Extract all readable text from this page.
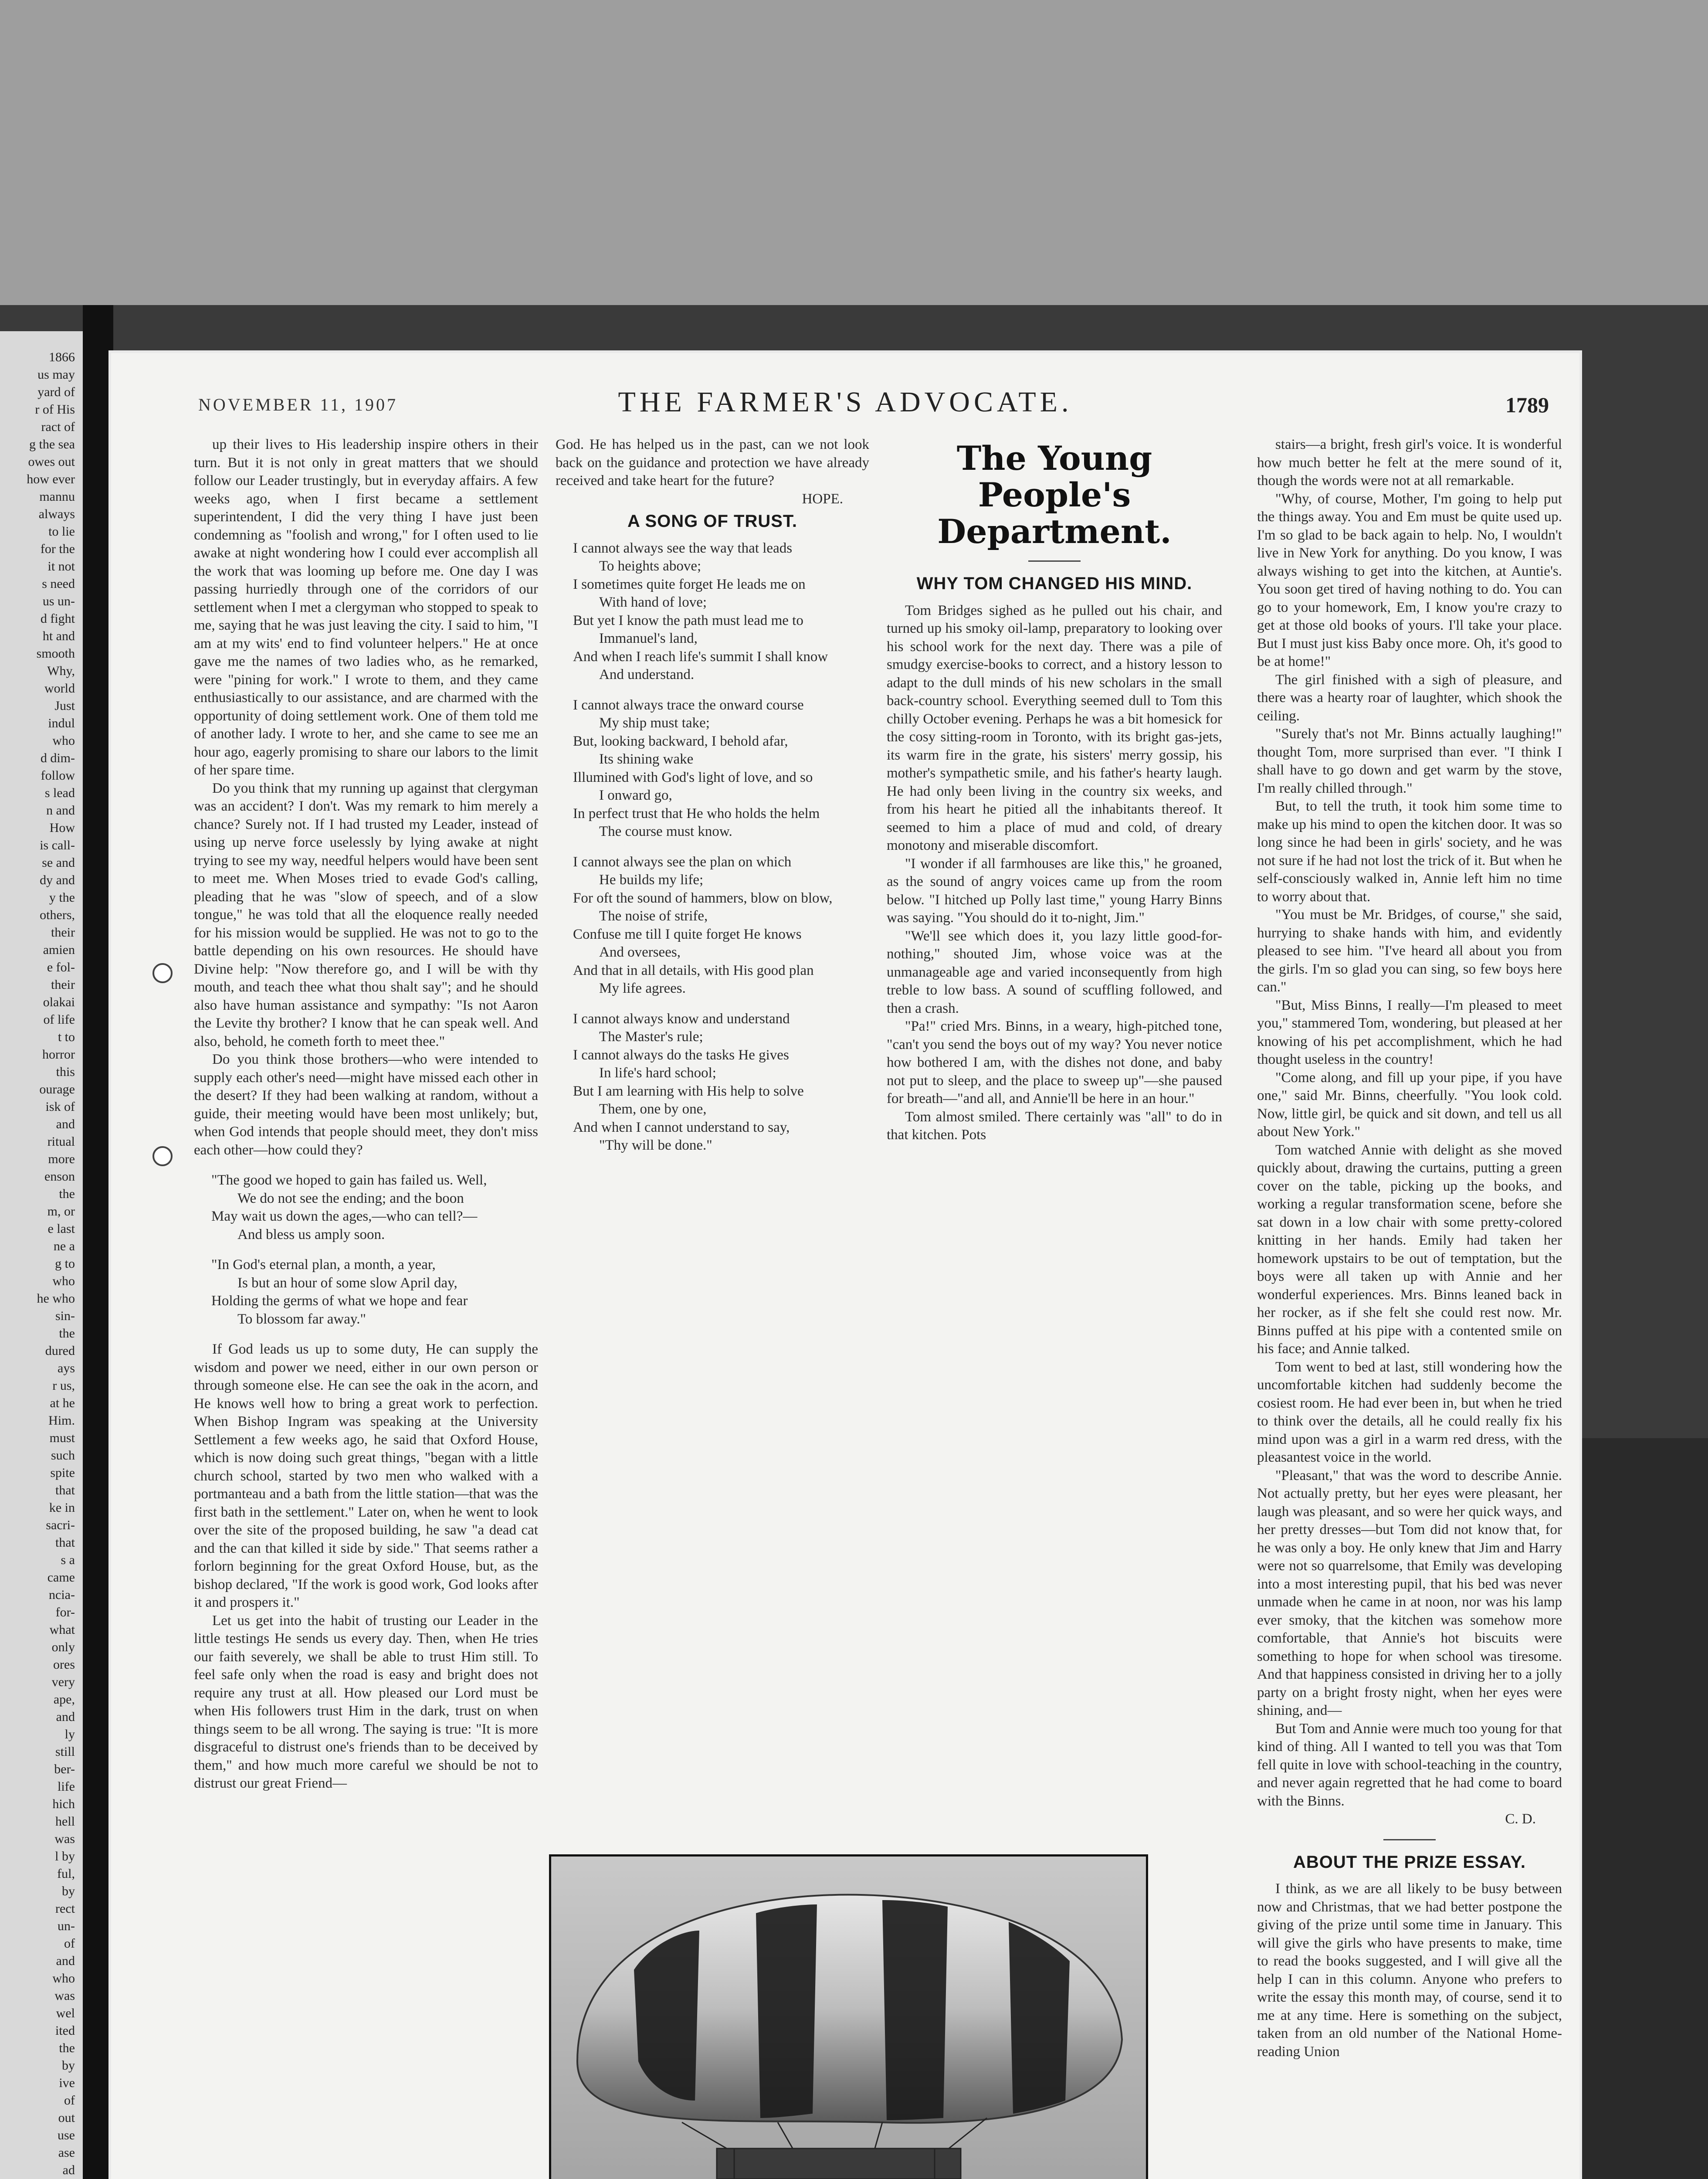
1866
us may
yard of
r of His
ract of
g the sea
owes out
how ever
mannu
always
to lie
for the
it not
s need
us un-
d fight
ht and
smooth
Why,
world
Just
indul
who
d dim-
follow
s lead
n and
How
is call-
se and
dy and
y the
others,
their
amien
e fol-
their
olakai
of life
t to
horror
this
ourage
isk of
and
ritual
more
enson
the
m, or
e last
ne a
g to
who
he who
sin-
the
dured
ays
r us,
at he
Him.
must
such
spite
that
ke in
sacri-
that
s a
came
ncia-
for-
what
only
ores
very
ape,
and
ly
still
ber-
life
hich
hell
was
l by
ful,
by
rect
un-
of
and
who
was
wel
ited
the
by
ive
of
out
use
ase
ad
THE FARMER'S ADVOCATE.
NOVEMBER 11, 1907	1789

up their lives to His leadership inspire others in their turn. But it is not only in great matters that we should follow our Leader trustingly, but in everyday affairs. A few weeks ago, when I first became a settlement superintendent, I did the very thing I have just been condemning as "foolish and wrong," for I often used to lie awake at night wondering how I could ever accomplish all the work that was looming up before me. One day I was passing hurriedly through one of the corridors of our settlement when I met a clergyman who stopped to speak to me, saying that he was just leaving the city. I said to him, "I am at my wits' end to find volunteer helpers." He at once gave me the names of two ladies who, as he remarked, were "pining for work." I wrote to them, and they came enthusiastically to our assistance, and are charmed with the opportunity of doing settlement work. One of them told me of another lady. I wrote to her, and she came to see me an hour ago, eagerly promising to share our labors to the limit of her spare time.

Do you think that my running up against that clergyman was an accident? I don't. Was my remark to him merely a chance? Surely not. If I had trusted my Leader, instead of using up nerve force uselessly by lying awake at night trying to see my way, needful helpers would have been sent to meet me. When Moses tried to evade God's calling, pleading that he was "slow of speech, and of a slow tongue," he was told that all the eloquence really needed for his mission would be supplied. He was not to go to the battle depending on his own resources. He should have Divine help: "Now therefore go, and I will be with thy mouth, and teach thee what thou shalt say"; and he should also have human assistance and sympathy: "Is not Aaron the Levite thy brother? I know that he can speak well. And also, behold, he cometh forth to meet thee."

Do you think those brothers—who were intended to supply each other's need—might have missed each other in the desert? If they had been walking at random, without a guide, their meeting would have been most unlikely; but, when God intends that people should meet, they don't miss each other—how could they?

"The good we hoped to gain has failed us. Well,

We do not see the ending; and the boon

May wait us down the ages,—who can tell?—

And bless us amply soon.

"In God's eternal plan, a month, a year,

Is but an hour of some slow April day,

Holding the germs of what we hope and fear

To blossom far away."

If God leads us up to some duty, He can supply the wisdom and power we need, either in our own person or through someone else. He can see the oak in the acorn, and He knows well how to bring a great work to perfection. When Bishop Ingram was speaking at the University Settlement a few weeks ago, he said that Oxford House, which is now doing such great things, "began with a little church school, started by two men who walked with a portmanteau and a bath from the little station—that was the first bath in the settlement." Later on, when he went to look over the site of the proposed building, he saw "a dead cat and the can that killed it side by side." That seems rather a forlorn beginning for the great Oxford House, but, as the bishop declared, "If the work is good work, God looks after it and prospers it."

Let us get into the habit of trusting our Leader in the little testings He sends us every day. Then, when He tries our faith severely, we shall be able to trust Him still. To feel safe only when the road is easy and bright does not require any trust at all. How pleased our Lord must be when His followers trust Him in the dark, trust on when things seem to be all wrong. The saying is true: "It is more disgraceful to distrust one's friends than to be deceived by them," and how much more careful we should be not to distrust our great Friend—

God. He has helped us in the past, can we not look back on the guidance and protection we have already received and take heart for the future?

HOPE.

A SONG OF TRUST.

I cannot always see the way that leads

To heights above;

I sometimes quite forget He leads me on

With hand of love;

But yet I know the path must lead me to

Immanuel's land,

And when I reach life's summit I shall know

And understand.

I cannot always trace the onward course

My ship must take;

But, looking backward, I behold afar,

Its shining wake

Illumined with God's light of love, and so

I onward go,

In perfect trust that He who holds the helm

The course must know.

I cannot always see the plan on which

He builds my life;

For oft the sound of hammers, blow on blow,

The noise of strife,

Confuse me till I quite forget He knows

And oversees,

And that in all details, with His good plan

My life agrees.

I cannot always know and understand

The Master's rule;

I cannot always do the tasks He gives

In life's hard school;

But I am learning with His help to solve

Them, one by one,

And when I cannot understand to say,

"Thy will be done."

The Young People's Department.
WHY TOM CHANGED HIS MIND.

Tom Bridges sighed as he pulled out his chair, and turned up his smoky oil-lamp, preparatory to looking over his school work for the next day. There was a pile of smudgy exercise-books to correct, and a history lesson to adapt to the dull minds of his new scholars in the small back-country school. Everything seemed dull to Tom this chilly October evening. Perhaps he was a bit homesick for the cosy sitting-room in Toronto, with its bright gas-jets, its warm fire in the grate, his sisters' merry gossip, his mother's sympathetic smile, and his father's hearty laugh. He had only been living in the country six weeks, and from his heart he pitied all the inhabitants thereof. It seemed to him a place of mud and cold, of dreary monotony and miserable discomfort.

"I wonder if all farmhouses are like this," he groaned, as the sound of angry voices came up from the room below. "I hitched up Polly last time," young Harry Binns was saying. "You should do it to-night, Jim."

"We'll see which does it, you lazy little good-for-nothing," shouted Jim, whose voice was at the unmanageable age and varied inconsequently from high treble to low bass. A sound of scuffling followed, and then a crash.

"Pa!" cried Mrs. Binns, in a weary, high-pitched tone, "can't you send the boys out of my way? You never notice how bothered I am, with the dishes not done, and baby not put to sleep, and the place to sweep up"—she paused for breath—"and all, and Annie'll be here in an hour."

Tom almost smiled. There certainly was "all" to do in that kitchen. Pots

stairs—a bright, fresh girl's voice. It is wonderful how much better he felt at the mere sound of it, though the words were not at all remarkable.

"Why, of course, Mother, I'm going to help put the things away. You and Em must be quite used up. I'm so glad to be back again to help. No, I wouldn't live in New York for anything. Do you know, I was always wishing to get into the kitchen, at Auntie's. You soon get tired of having nothing to do. You can go to your homework, Em, I know you're crazy to get at those old books of yours. I'll take your place. But I must just kiss Baby once more. Oh, it's good to be at home!"

The girl finished with a sigh of pleasure, and there was a hearty roar of laughter, which shook the ceiling.

"Surely that's not Mr. Binns actually laughing!" thought Tom, more surprised than ever. "I think I shall have to go down and get warm by the stove, I'm really chilled through."

But, to tell the truth, it took him some time to make up his mind to open the kitchen door. It was so long since he had been in girls' society, and he was not sure if he had not lost the trick of it. But when he self-consciously walked in, Annie left him no time to worry about that.

"You must be Mr. Bridges, of course," she said, hurrying to shake hands with him, and evidently pleased to see him. "I've heard all about you from the girls. I'm so glad you can sing, so few boys here can."

"But, Miss Binns, I really—I'm pleased to meet you," stammered Tom, wondering, but pleased at her knowing of his pet accomplishment, which he had thought useless in the country!

"Come along, and fill up your pipe, if you have one," said Mr. Binns, cheerfully. "You look cold. Now, little girl, be quick and sit down, and tell us all about New York."

Tom watched Annie with delight as she moved quickly about, drawing the curtains, putting a green cover on the table, picking up the books, and working a regular transformation scene, before she sat down in a low chair with some pretty-colored knitting in her hands. Emily had taken her homework upstairs to be out of temptation, but the boys were all taken up with Annie and her wonderful experiences. Mrs. Binns leaned back in her rocker, as if she felt she could rest now. Mr. Binns puffed at his pipe with a contented smile on his face; and Annie talked.

Tom went to bed at last, still wondering how the uncomfortable kitchen had suddenly become the cosiest room. He had ever been in, but when he tried to think over the details, all he could really fix his mind upon was a girl in a warm red dress, with the pleasantest voice in the world.

"Pleasant," that was the word to describe Annie. Not actually pretty, but her eyes were pleasant, her laugh was pleasant, and so were her quick ways, and her pretty dresses—but Tom did not know that, for he was only a boy. He only knew that Jim and Harry were not so quarrelsome, that Emily was developing into a most interesting pupil, that his bed was never unmade when he came in at noon, nor was his lamp ever smoky, that the kitchen was somehow more comfortable, that Annie's hot biscuits were something to hope for when school was tiresome. And that happiness consisted in driving her to a jolly party on a bright frosty night, when her eyes were shining, and—

But Tom and Annie were much too young for that kind of thing. All I wanted to tell you was that Tom fell quite in love with school-teaching in the country, and never again regretted that he had come to board with the Binns.

C. D.

ABOUT THE PRIZE ESSAY.

I think, as we are all likely to be busy between now and Christmas, that we had better postpone the giving of the prize until some time in January. This will give the girls who have presents to make, time to read the books suggested, and I will give all the help I can in this column. Anyone who prefers to write the essay this month may, of course, send it to me at any time. Here is something on the subject, taken from an old number of the National Home-reading Union
